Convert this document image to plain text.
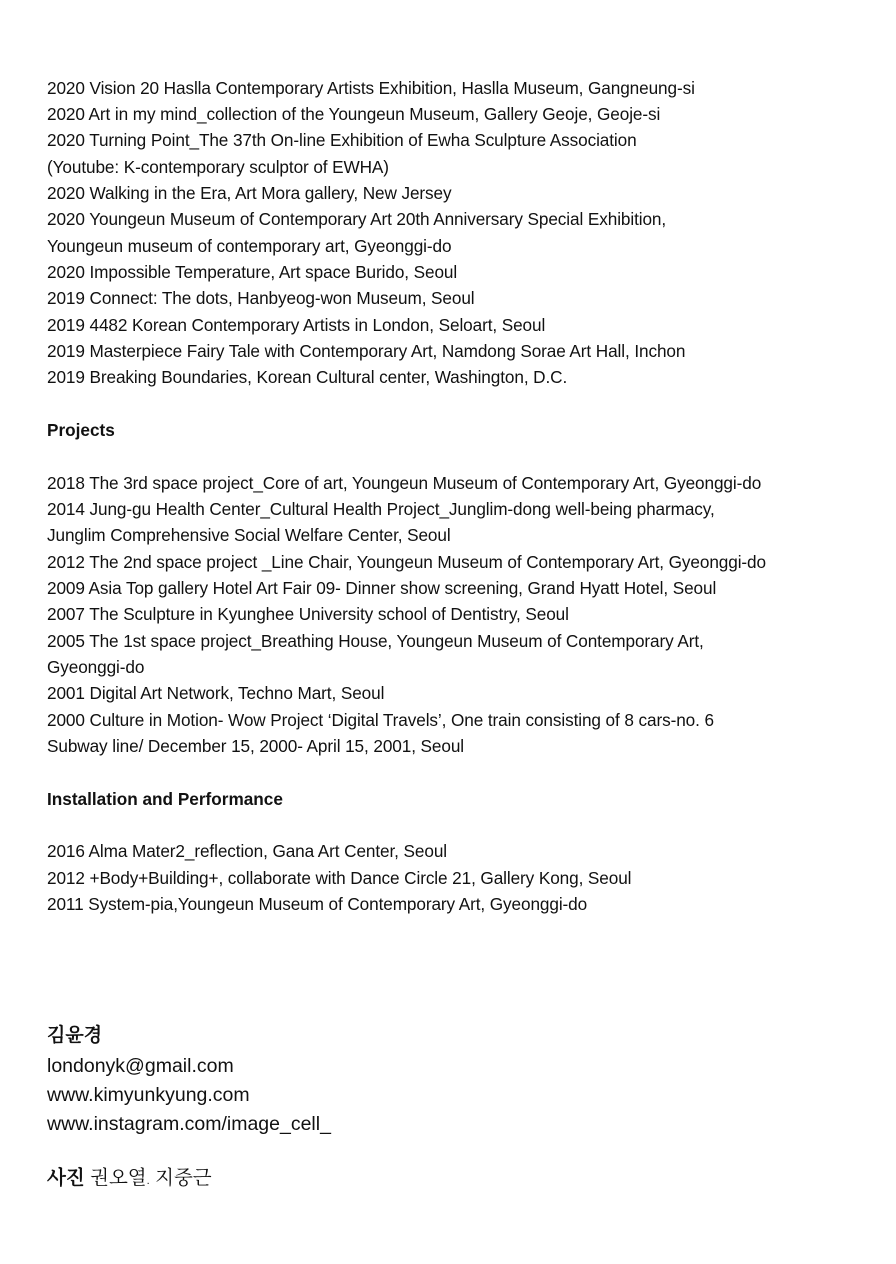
2020 Vision 20 Haslla Contemporary Artists Exhibition, Haslla Museum, Gangneung-si
2020 Art in my mind_collection of the Youngeun Museum, Gallery Geoje, Geoje-si
2020 Turning Point_The 37th On-line Exhibition of Ewha Sculpture Association
(Youtube: K-contemporary sculptor of EWHA)
2020 Walking in the Era, Art Mora gallery, New Jersey
2020 Youngeun Museum of Contemporary Art 20th Anniversary Special Exhibition,
Youngeun museum of contemporary art, Gyeonggi-do
2020 Impossible Temperature, Art space Burido, Seoul
2019 Connect: The dots, Hanbyeog-won Museum, Seoul
2019 4482 Korean Contemporary Artists in London, Seloart, Seoul
2019 Masterpiece Fairy Tale with Contemporary Art, Namdong Sorae Art Hall, Inchon
2019 Breaking Boundaries, Korean Cultural center, Washington, D.C.
Projects
2018 The 3rd space project_Core of art, Youngeun Museum of Contemporary Art, Gyeonggi-do
2014 Jung-gu Health Center_Cultural Health Project_Junglim-dong well-being pharmacy,
Junglim Comprehensive Social Welfare Center, Seoul
2012 The 2nd space project _Line Chair, Youngeun Museum of Contemporary Art, Gyeonggi-do
2009 Asia Top gallery Hotel Art Fair 09- Dinner show screening, Grand Hyatt Hotel, Seoul
2007 The Sculpture in Kyunghee University school of Dentistry, Seoul
2005 The 1st space project_Breathing House, Youngeun Museum of Contemporary Art,
Gyeonggi-do
2001 Digital Art Network, Techno Mart, Seoul
2000 Culture in Motion- Wow Project ‘Digital Travels’, One train consisting of 8 cars-no. 6
Subway line/ December 15, 2000- April 15, 2001, Seoul
Installation and Performance
2016 Alma Mater2_reflection, Gana Art Center, Seoul
2012 +Body+Building+, collaborate with Dance Circle 21, Gallery Kong, Seoul
2011 System-pia,Youngeun Museum of Contemporary Art, Gyeonggi-do
김윤경
londonyk@gmail.com
www.kimyunkyung.com
www.instagram.com/image_cell_
사진 권오열. 지중근
